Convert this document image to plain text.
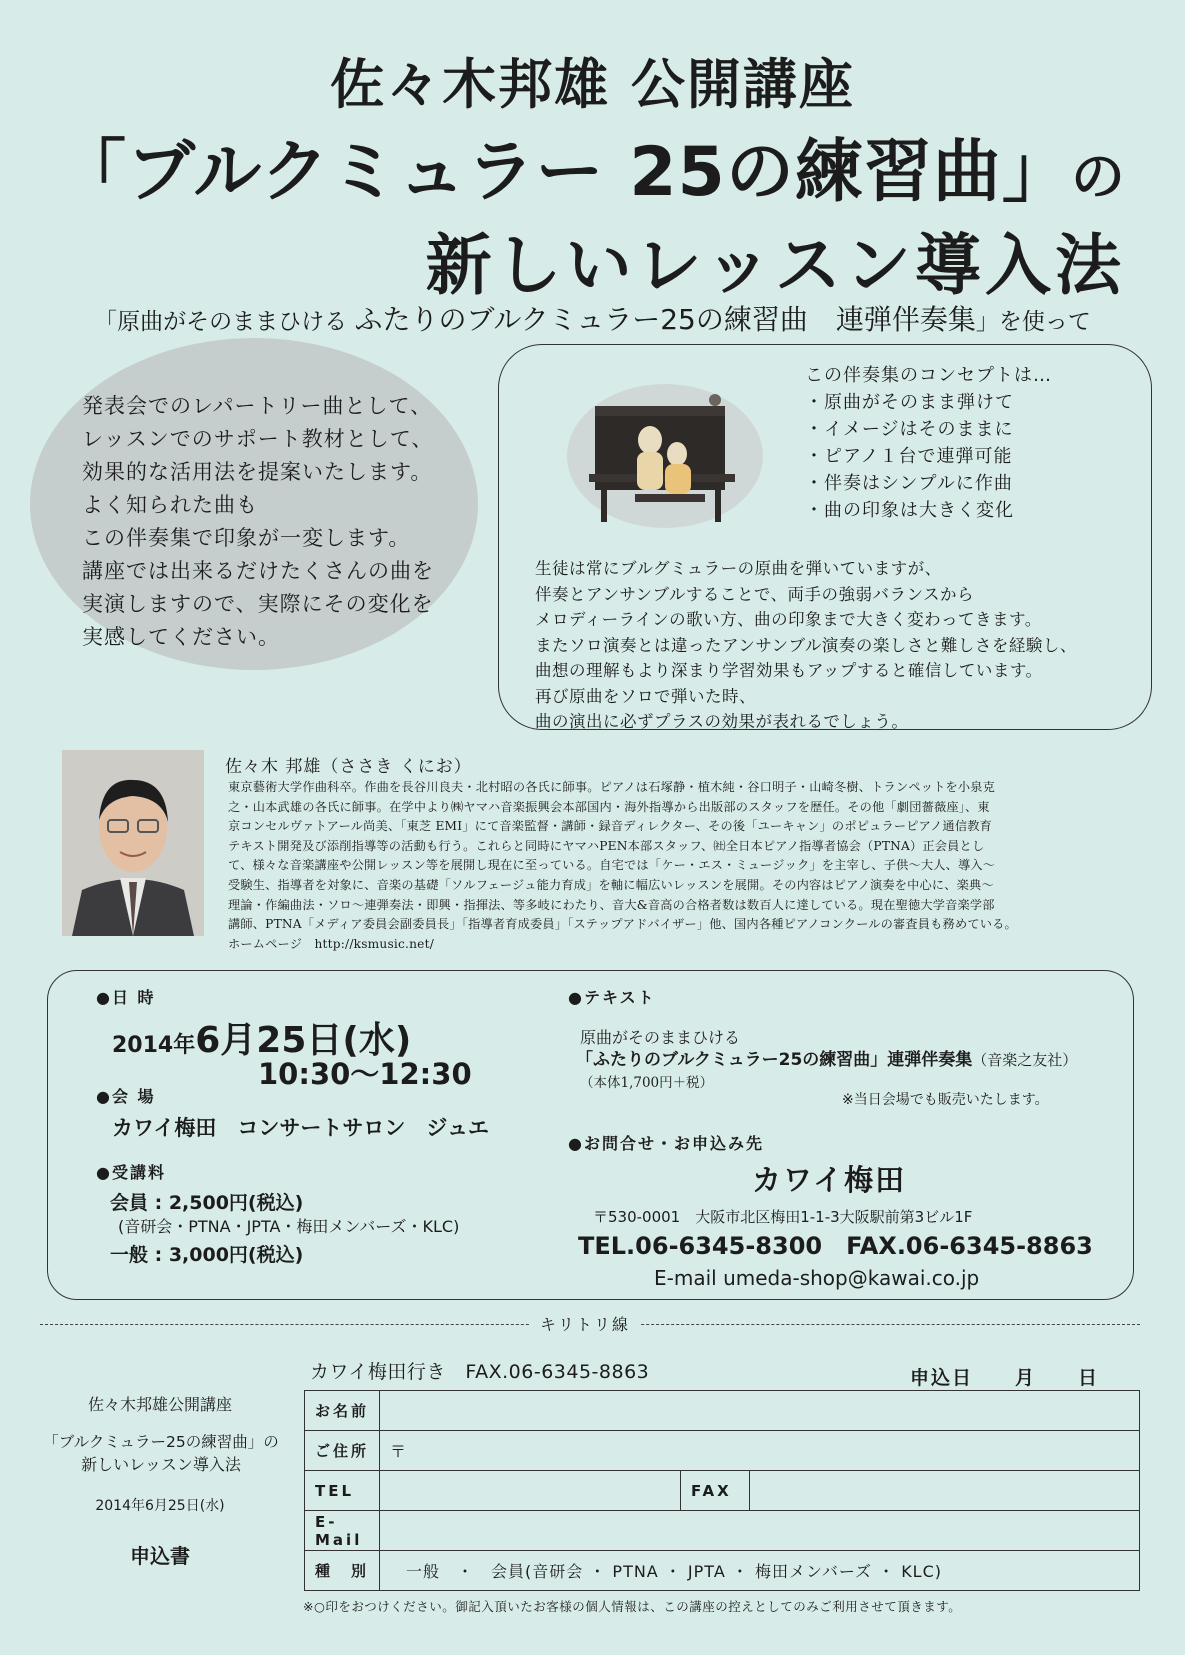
佐々木邦雄 公開講座
「ブルクミュラー 25の練習曲」の
新しいレッスン導入法
「原曲がそのままひける ふたりのブルクミュラー25の練習曲　連弾伴奏集」を使って
発表会でのレパートリー曲として、
レッスンでのサポート教材として、
効果的な活用法を提案いたします。
よく知られた曲も
この伴奏集で印象が一変します。
講座では出来るだけたくさんの曲を
実演しますので、実際にその変化を
実感してください。
この伴奏集のコンセプトは…
・原曲がそのまま弾けて
・イメージはそのままに
・ピアノ１台で連弾可能
・伴奏はシンプルに作曲
・曲の印象は大きく変化
生徒は常にブルグミュラーの原曲を弾いていますが、
伴奏とアンサンブルすることで、両手の強弱バランスから
メロディーラインの歌い方、曲の印象まで大きく変わってきます。
またソロ演奏とは違ったアンサンブル演奏の楽しさと難しさを経験し、
曲想の理解もより深まり学習効果もアップすると確信しています。
再び原曲をソロで弾いた時、
曲の演出に必ずプラスの効果が表れるでしょう。
佐々木 邦雄（ささき くにお）
東京藝術大学作曲科卒。作曲を長谷川良夫・北村昭の各氏に師事。ピアノは石塚静・植木純・谷口明子・山崎冬樹、トランペットを小泉克
之・山本武雄の各氏に師事。在学中より㈱ヤマハ音楽振興会本部国内・海外指導から出版部のスタッフを歴任。その他「劇団薔薇座」、東
京コンセルヴァトアール尚美、「東芝 EMI」にて音楽監督・講師・録音ディレクター、その後「ユーキャン」のポピュラーピアノ通信教育
テキスト開発及び添削指導等の活動も行う。これらと同時にヤマハPEN本部スタッフ、㈳全日本ピアノ指導者協会（PTNA）正会員とし
て、様々な音楽講座や公開レッスン等を展開し現在に至っている。自宅では「ケー・エス・ミュージック」を主宰し、子供～大人、導入～
受験生、指導者を対象に、音楽の基礎「ソルフェージュ能力育成」を軸に幅広いレッスンを展開。その内容はピアノ演奏を中心に、楽典～
理論・作編曲法・ソロ～連弾奏法・即興・指揮法、等多岐にわたり、音大&音高の合格者数は数百人に達している。現在聖徳大学音楽学部
講師、PTNA「メディア委員会副委員長」「指導者育成委員」「ステップアドバイザー」他、国内各種ピアノコンクールの審査員も務めている。
ホームページ　http://ksmusic.net/
●日 時
2014年6月25日(水)
10:30～12:30
●会 場
カワイ梅田　コンサートサロン　ジュエ
●受講料
会員 : 2,500円(税込)
(音研会・PTNA・JPTA・梅田メンバーズ・KLC)
一般 : 3,000円(税込)
●テキスト
原曲がそのままひける
「ふたりのブルクミュラー25の練習曲」連弾伴奏集（音楽之友社）
（本体1,700円＋税）
※当日会場でも販売いたします。
●お問合せ・お申込み先
カワイ梅田
〒530-0001　大阪市北区梅田1-1-3大阪駅前第3ビル1F
TEL.06-6345-8300 FAX.06-6345-8863
E-mail umeda-shop@kawai.co.jp
キリトリ線
佐々木邦雄公開講座
「ブルクミュラー25の練習曲」の
新しいレッスン導入法
2014年6月25日(水)
申込書
カワイ梅田行き　FAX.06-6345-8863	申込日　　月　　日
お名前			
ご住所	〒		
TEL		FAX	
E-Mail			
種　別	一般　・　会員(音研会 ・ PTNA ・ JPTA ・ 梅田メンバーズ ・ KLC)		
※○印をおつけください。御記入頂いたお客様の個人情報は、この講座の控えとしてのみご利用させて頂きます。
